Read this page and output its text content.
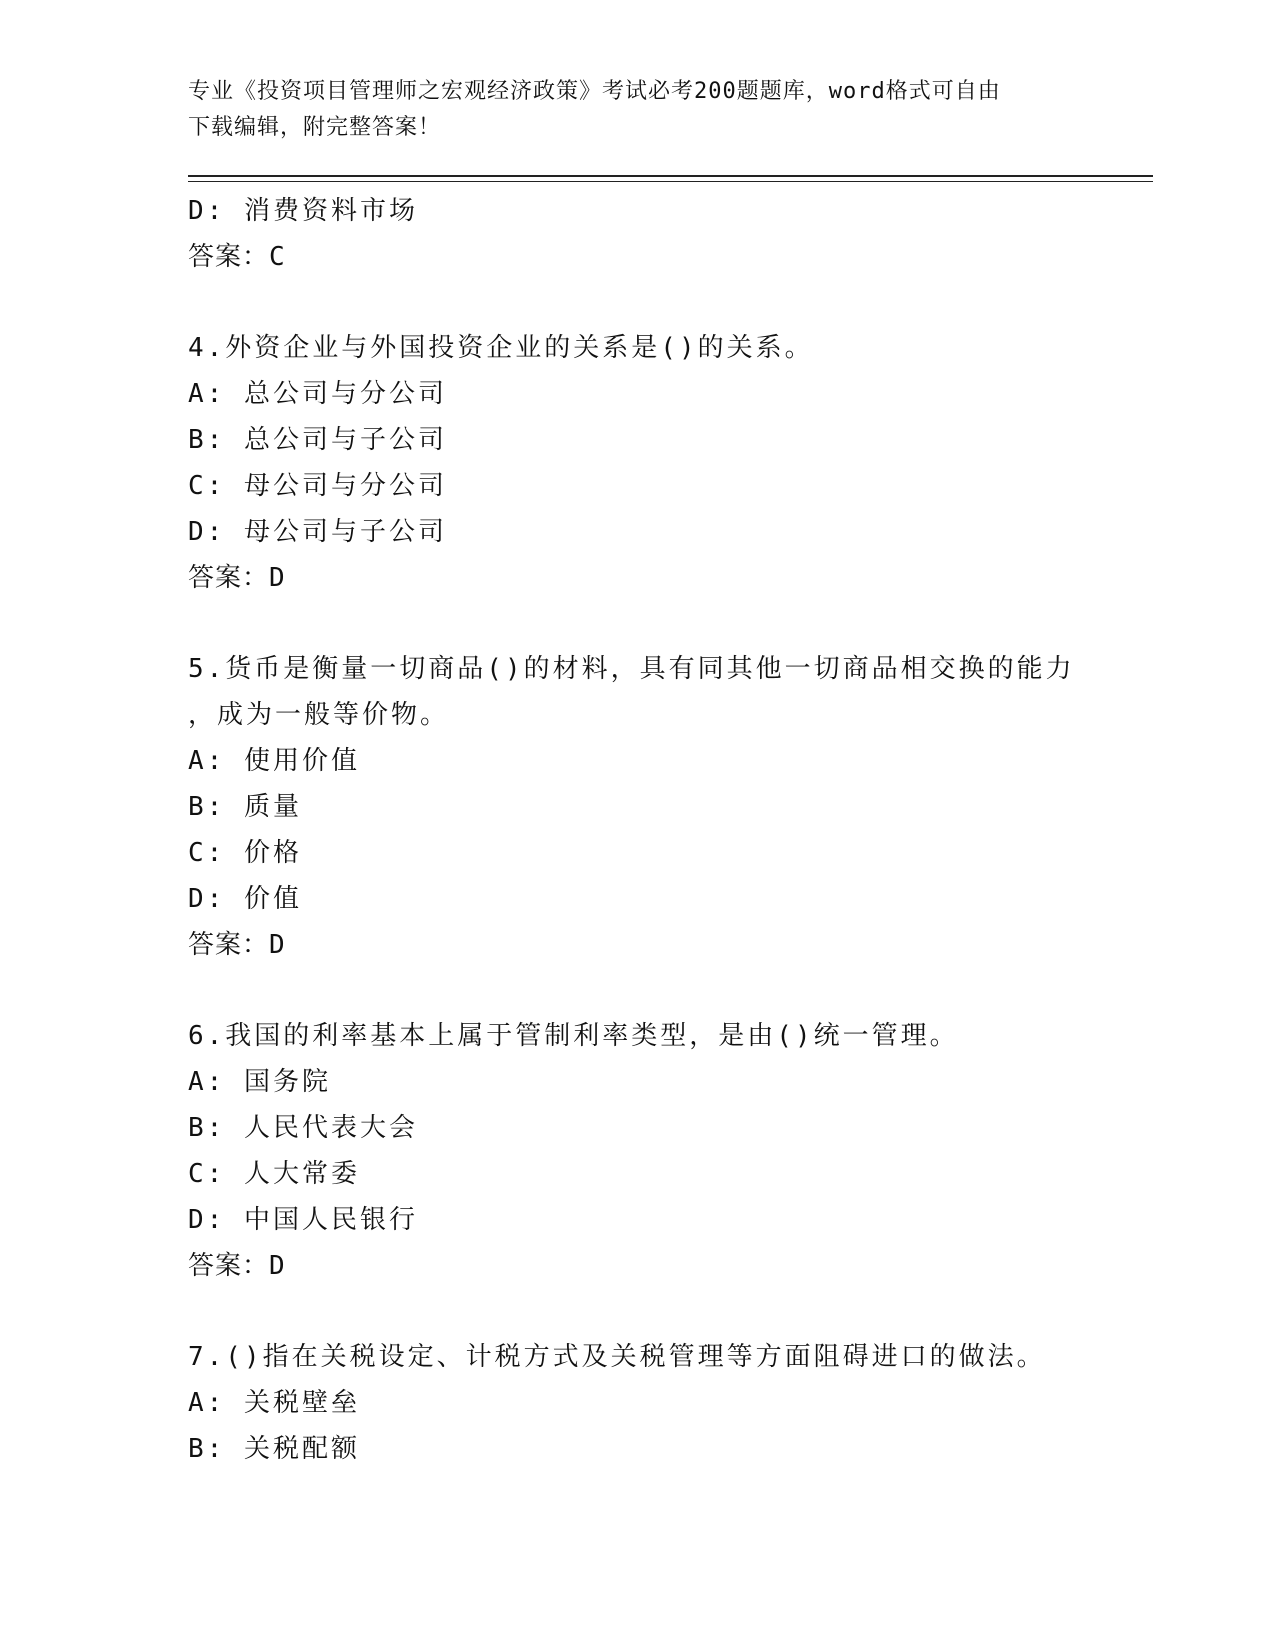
专业《投资项目管理师之宏观经济政策》考试必考200题题库，word格式可自由
下载编辑，附完整答案！
D: 消费资料市场
答案：C
4.外资企业与外国投资企业的关系是()的关系。
A: 总公司与分公司
B: 总公司与子公司
C: 母公司与分公司
D: 母公司与子公司
答案：D
5.货币是衡量一切商品()的材料，具有同其他一切商品相交换的能力
，成为一般等价物。
A: 使用价值
B: 质量
C: 价格
D: 价值
答案：D
6.我国的利率基本上属于管制利率类型，是由()统一管理。
A: 国务院
B: 人民代表大会
C: 人大常委
D: 中国人民银行
答案：D
7.()指在关税设定、计税方式及关税管理等方面阻碍进口的做法。
A: 关税壁垒
B: 关税配额
